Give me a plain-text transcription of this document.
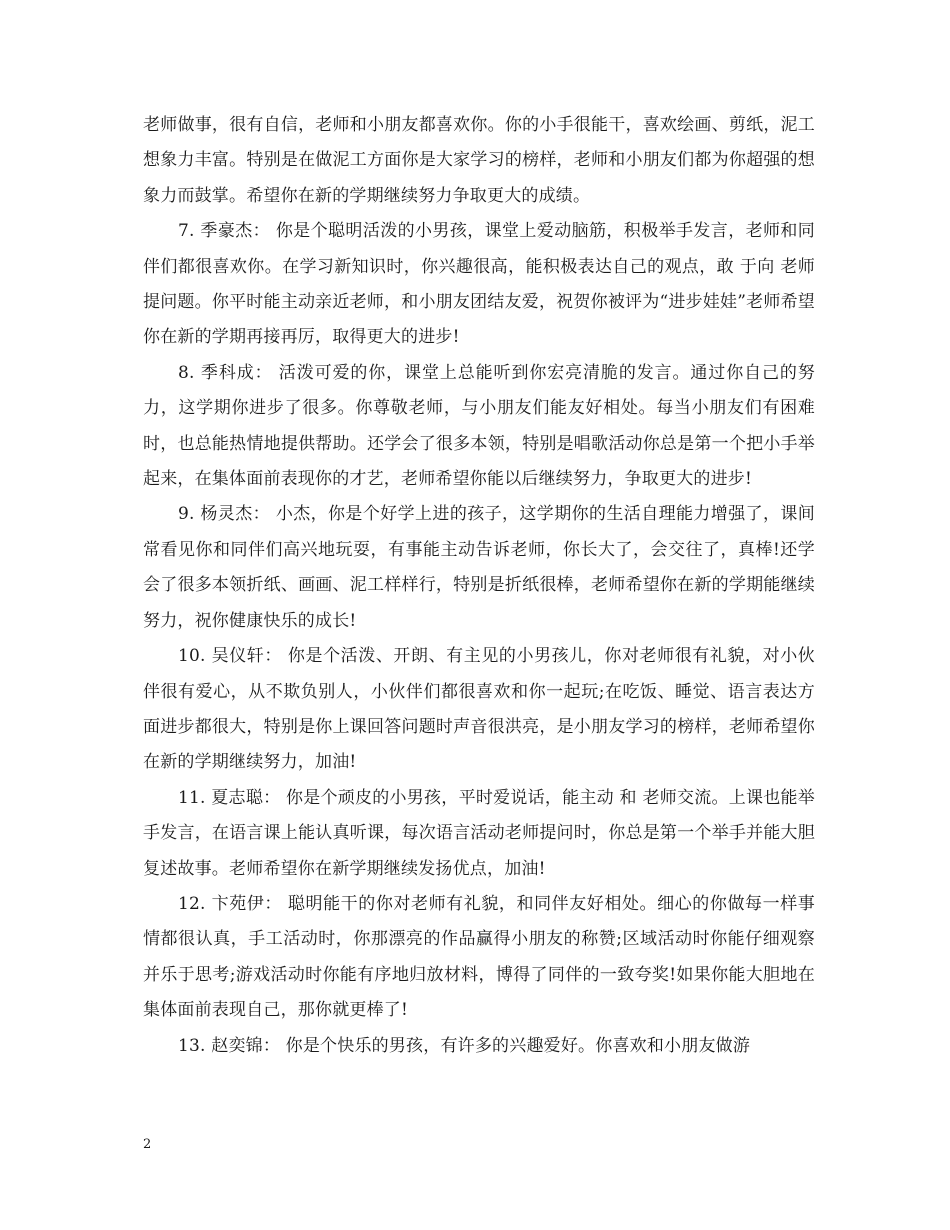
老师做事，很有自信，老师和小朋友都喜欢你。你的小手很能干，喜欢绘画、剪纸，泥工想象力丰富。特别是在做泥工方面你是大家学习的榜样，老师和小朋友们都为你超强的想象力而鼓掌。希望你在新的学期继续努力争取更大的成绩。

7. 季豪杰： 你是个聪明活泼的小男孩，课堂上爱动脑筋，积极举手发言，老师和同伴们都很喜欢你。在学习新知识时，你兴趣很高，能积极表达自己的观点，敢 于向 老师提问题。你平时能主动亲近老师，和小朋友团结友爱，祝贺你被评为“进步娃娃”老师希望你在新的学期再接再厉，取得更大的进步!

8. 季科成： 活泼可爱的你，课堂上总能听到你宏亮清脆的发言。通过你自己的努力，这学期你进步了很多。你尊敬老师，与小朋友们能友好相处。每当小朋友们有困难时，也总能热情地提供帮助。还学会了很多本领，特别是唱歌活动你总是第一个把小手举起来，在集体面前表现你的才艺，老师希望你能以后继续努力，争取更大的进步!

9. 杨灵杰： 小杰，你是个好学上进的孩子，这学期你的生活自理能力增强了，课间常看见你和同伴们高兴地玩耍，有事能主动告诉老师，你长大了，会交往了，真棒!还学会了很多本领折纸、画画、泥工样样行，特别是折纸很棒，老师希望你在新的学期能继续努力，祝你健康快乐的成长!

10. 吴仪轩： 你是个活泼、开朗、有主见的小男孩儿，你对老师很有礼貌，对小伙伴很有爱心，从不欺负别人，小伙伴们都很喜欢和你一起玩;在吃饭、睡觉、语言表达方面进步都很大，特别是你上课回答问题时声音很洪亮，是小朋友学习的榜样，老师希望你在新的学期继续努力，加油!

11. 夏志聪： 你是个顽皮的小男孩，平时爱说话，能主动 和 老师交流。上课也能举手发言，在语言课上能认真听课，每次语言活动老师提问时，你总是第一个举手并能大胆复述故事。老师希望你在新学期继续发扬优点，加油!

12. 卞苑伊： 聪明能干的你对老师有礼貌，和同伴友好相处。细心的你做每一样事情都很认真，手工活动时，你那漂亮的作品赢得小朋友的称赞;区域活动时你能仔细观察并乐于思考;游戏活动时你能有序地归放材料，博得了同伴的一致夸奖!如果你能大胆地在集体面前表现自己，那你就更棒了!

13. 赵奕锦： 你是个快乐的男孩，有许多的兴趣爱好。你喜欢和小朋友做游

2
